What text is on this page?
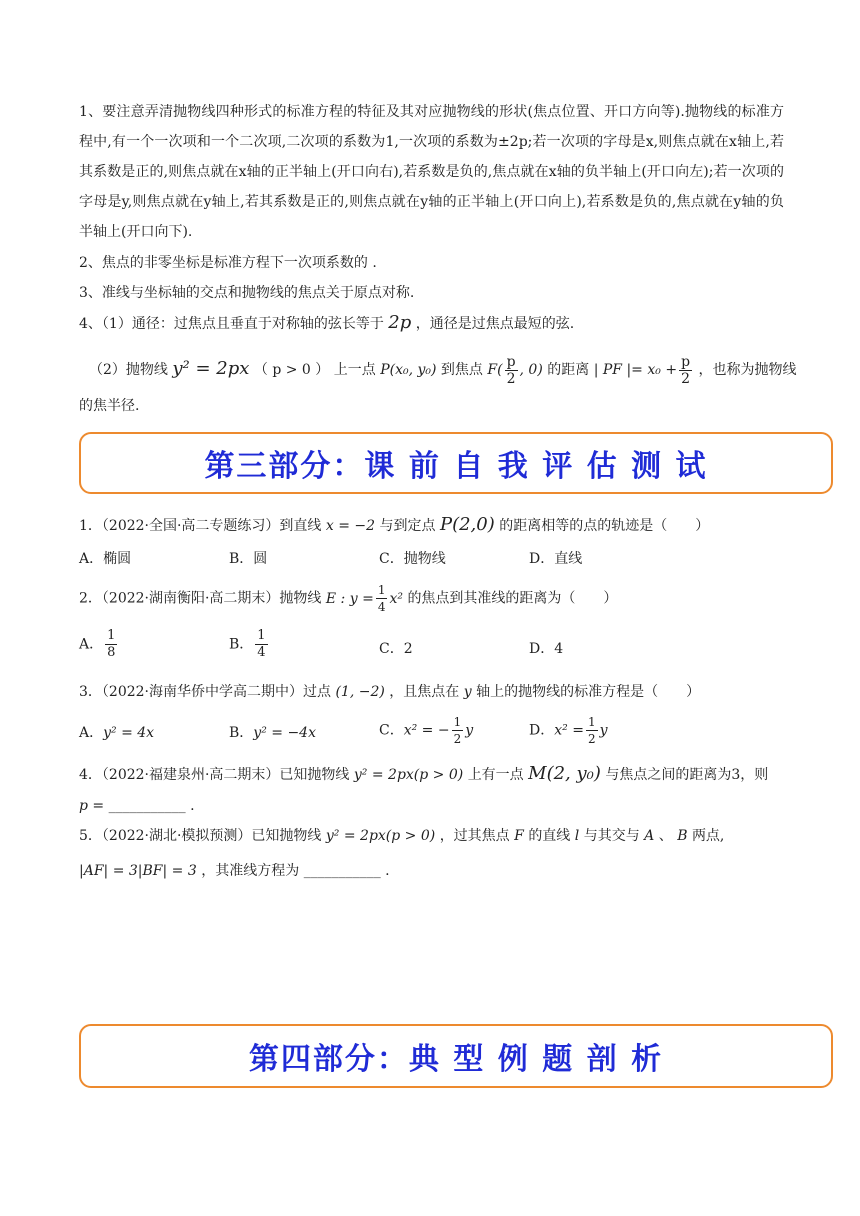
1、要注意弄清抛物线四种形式的标准方程的特征及其对应抛物线的形状(焦点位置、开口方向等).抛物线的标准方程中,有一个一次项和一个二次项,二次项的系数为1,一次项的系数为±2p;若一次项的字母是x,则焦点就在x轴上,若其系数是正的,则焦点就在x轴的正半轴上(开口向右),若系数是负的,焦点就在x轴的负半轴上(开口向左);若一次项的字母是y,则焦点就在y轴上,若其系数是正的,则焦点就在y轴的正半轴上(开口向上),若系数是负的,焦点就在y轴的负半轴上(开口向下).

2、焦点的非零坐标是标准方程下一次项系数的 .
3、准线与坐标轴的交点和抛物线的焦点关于原点对称.
4、（1）通径：过焦点且垂直于对称轴的弦长等于 2p ，通径是过焦点最短的弦.
（2）抛物线 y² = 2px （ p > 0 ） 上一点 P(x₀, y₀) 到焦点 $F( \frac{p}{2}$ , 0) 的距离 | PF |= $x_0 + \frac{p}{2}$ ，也称为抛物线
的焦半径.
第三部分：课 前 自 我 评 估 测 试
1．（2022·全国·高二专题练习）到直线 x = −2 与到定点 P(2,0) 的距离相等的点的轨迹是（　　）
A．椭圆	B．圆	C．抛物线	D．直线
2．（2022·湖南衡阳·高二期末）抛物线 E : $y = \frac{1}{4} x^2$ 的焦点到其准线的距离为（　　）
A． $\frac{1}{8}$	B． $\frac{1}{4}$	C．2	D．4
3．（2022·海南华侨中学高二期中）过点 (1, −2) ，且焦点在 y 轴上的抛物线的标准方程是（　　）
A．y² = 4x	B．y² = −4x	C．x² = − $\frac{1}{2}$ y	D．$x^2 = \frac{1}{2}$ y
4．（2022·福建泉州·高二期末）已知抛物线 y² = 2px(p > 0) 上有一点 M(2, y₀) 与焦点之间的距离为3，则
p = ___________ .
5．（2022·湖北·模拟预测）已知抛物线 y² = 2px(p > 0) ，过其焦点 F 的直线 l 与其交与 A 、 B 两点,
|AF| = 3|BF| = 3 ，其准线方程为 ___________ .
第四部分：典 型 例 题 剖 析
